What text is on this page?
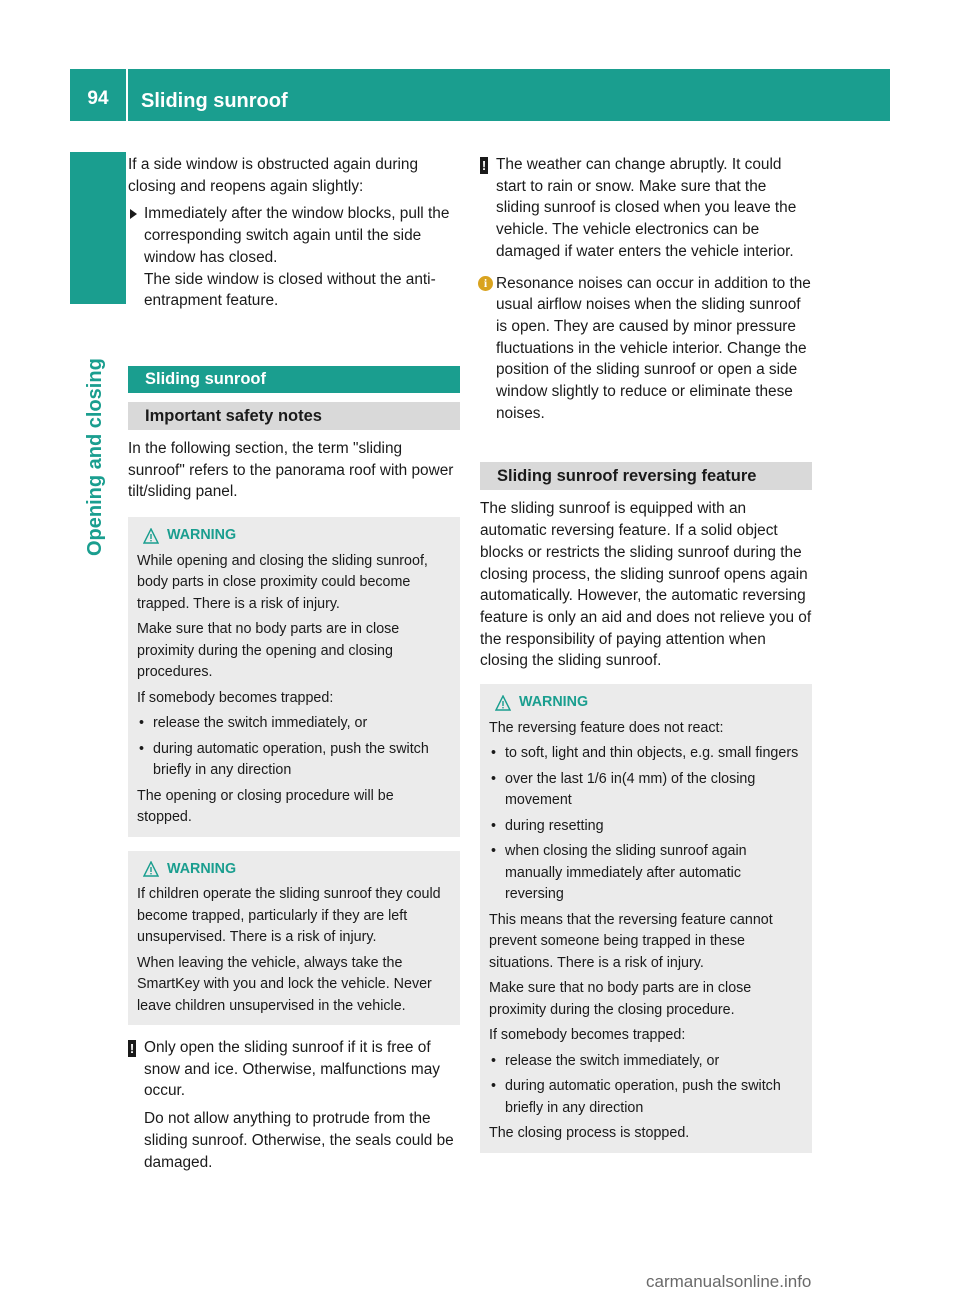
94	Sliding sunroof
Opening and closing

If a side window is obstructed again during closing and reopens again slightly:

Immediately after the window blocks, pull the corresponding switch again until the side window has closed.

The side window is closed without the anti-entrapment feature.

Sliding sunroof
Important safety notes

In the following section, the term "sliding sunroof" refers to the panorama roof with power tilt/sliding panel.

WARNING

While opening and closing the sliding sunroof, body parts in close proximity could become trapped. There is a risk of injury.

Make sure that no body parts are in close proximity during the opening and closing procedures.

If somebody becomes trapped:

• release the switch immediately, or
• during automatic operation, push the switch briefly in any direction

The opening or closing procedure will be stopped.

WARNING

If children operate the sliding sunroof they could become trapped, particularly if they are left unsupervised. There is a risk of injury.

When leaving the vehicle, always take the SmartKey with you and lock the vehicle. Never leave children unsupervised in the vehicle.

! Only open the sliding sunroof if it is free of snow and ice. Otherwise, malfunctions may occur.

Do not allow anything to protrude from the sliding sunroof. Otherwise, the seals could be damaged.

! The weather can change abruptly. It could start to rain or snow. Make sure that the sliding sunroof is closed when you leave the vehicle. The vehicle electronics can be damaged if water enters the vehicle interior.

i Resonance noises can occur in addition to the usual airflow noises when the sliding sunroof is open. They are caused by minor pressure fluctuations in the vehicle interior. Change the position of the sliding sunroof or open a side window slightly to reduce or eliminate these noises.

Sliding sunroof reversing feature

The sliding sunroof is equipped with an automatic reversing feature. If a solid object blocks or restricts the sliding sunroof during the closing process, the sliding sunroof opens again automatically. However, the automatic reversing feature is only an aid and does not relieve you of the responsibility of paying attention when closing the sliding sunroof.

WARNING

The reversing feature does not react:

• to soft, light and thin objects, e.g. small fingers
• over the last 1/6 in(4 mm) of the closing movement
• during resetting
• when closing the sliding sunroof again manually immediately after automatic reversing

This means that the reversing feature cannot prevent someone being trapped in these situations. There is a risk of injury.

Make sure that no body parts are in close proximity during the closing procedure.

If somebody becomes trapped:

• release the switch immediately, or
• during automatic operation, push the switch briefly in any direction

The closing process is stopped.

carmanualsonline.info
